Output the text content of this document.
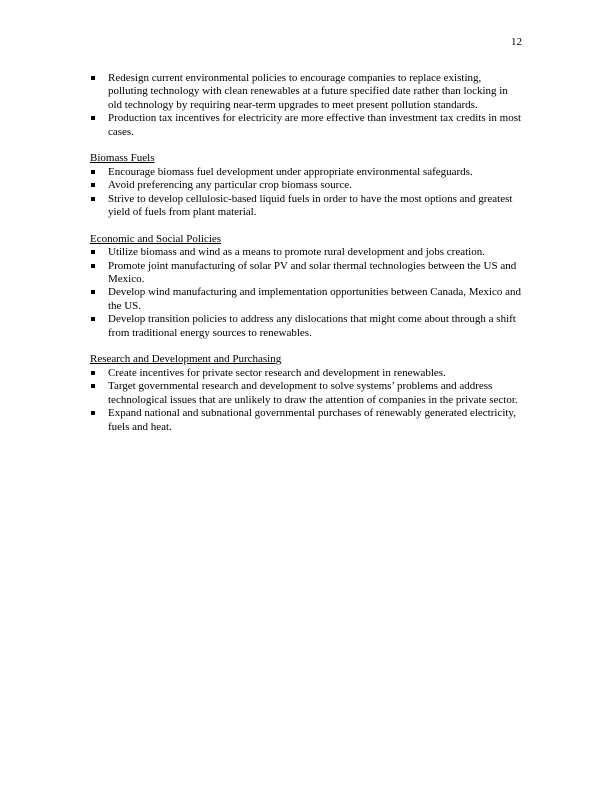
12
Redesign current environmental policies to encourage companies to replace existing, polluting technology with clean renewables at a future specified date rather than locking in old technology by requiring near-term upgrades to meet present pollution standards.
Production tax incentives for electricity are more effective than investment tax credits in most cases.
Biomass Fuels
Encourage biomass fuel development under appropriate environmental safeguards.
Avoid preferencing any particular crop biomass source.
Strive to develop cellulosic-based liquid fuels in order to have the most options and greatest yield of fuels from plant material.
Economic and Social Policies
Utilize biomass and wind as a means to promote rural development and jobs creation.
Promote joint manufacturing of solar PV and solar thermal technologies between the US and Mexico.
Develop wind manufacturing and implementation opportunities between Canada, Mexico and the US.
Develop transition policies to address any dislocations that might come about through a shift from traditional energy sources to renewables.
Research and Development and Purchasing
Create incentives for private sector research and development in renewables.
Target governmental research and development to solve systems’ problems and address technological issues that are unlikely to draw the attention of companies in the private sector.
Expand national and subnational governmental purchases of renewably generated electricity, fuels and heat.
